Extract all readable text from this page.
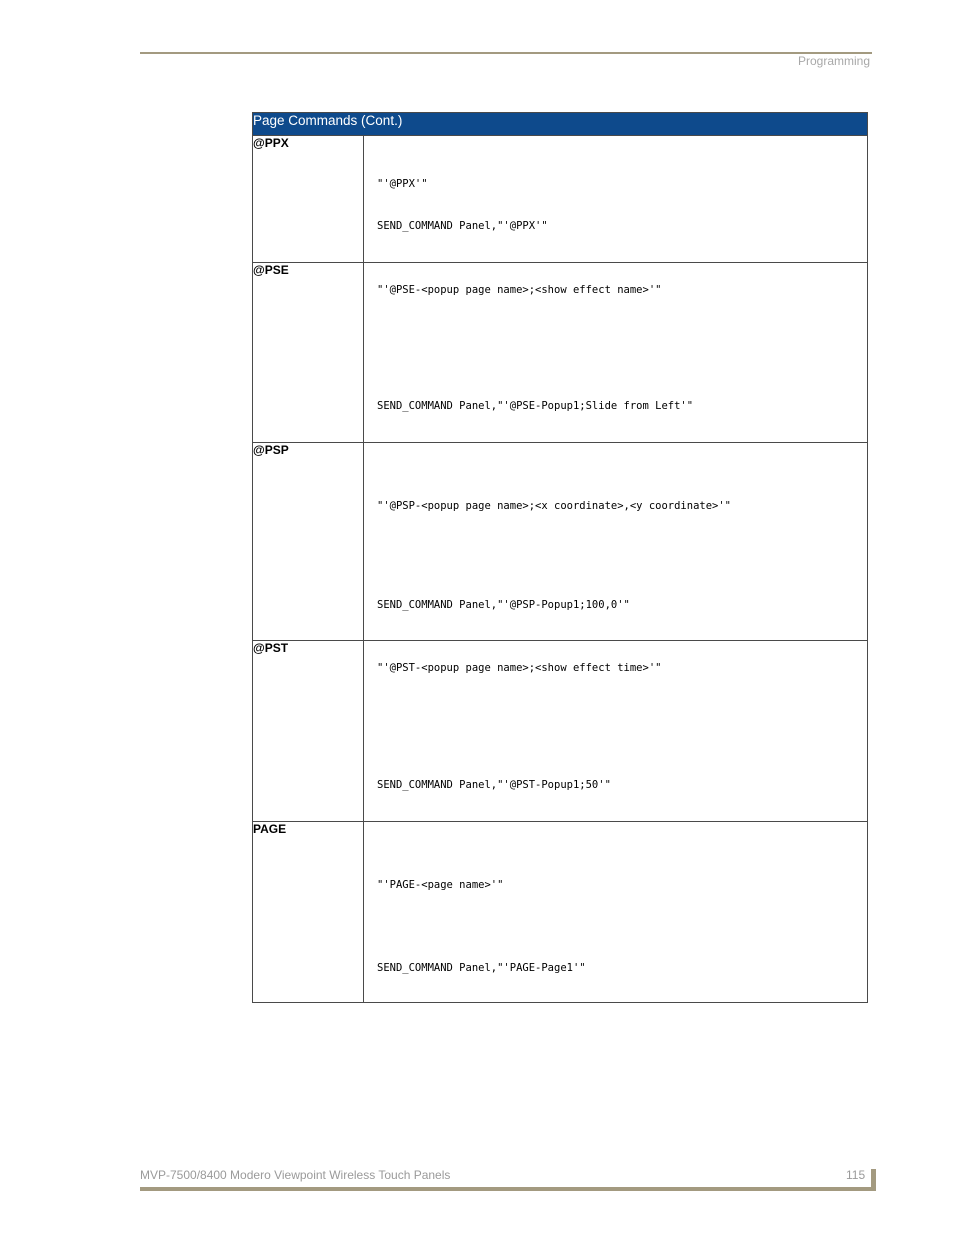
Programming
Page Commands (Cont.)	
@PPX	"'@PPX'"
SEND_COMMAND Panel,"'@PPX'"

@PSE	"'@PSE-<popup page name>;<show effect name>'"
SEND_COMMAND Panel,"'@PSE-Popup1;Slide from Left'"

@PSP	"'@PSP-<popup page name>;<x coordinate>,<y coordinate>'"
SEND_COMMAND Panel,"'@PSP-Popup1;100,0'"

@PST	"'@PST-<popup page name>;<show effect time>'"
SEND_COMMAND Panel,"'@PST-Popup1;50'"

PAGE	"'PAGE-<page name>'"
SEND_COMMAND Panel,"'PAGE-Page1'"
MVP-7500/8400 Modero Viewpoint Wireless Touch Panels	115
